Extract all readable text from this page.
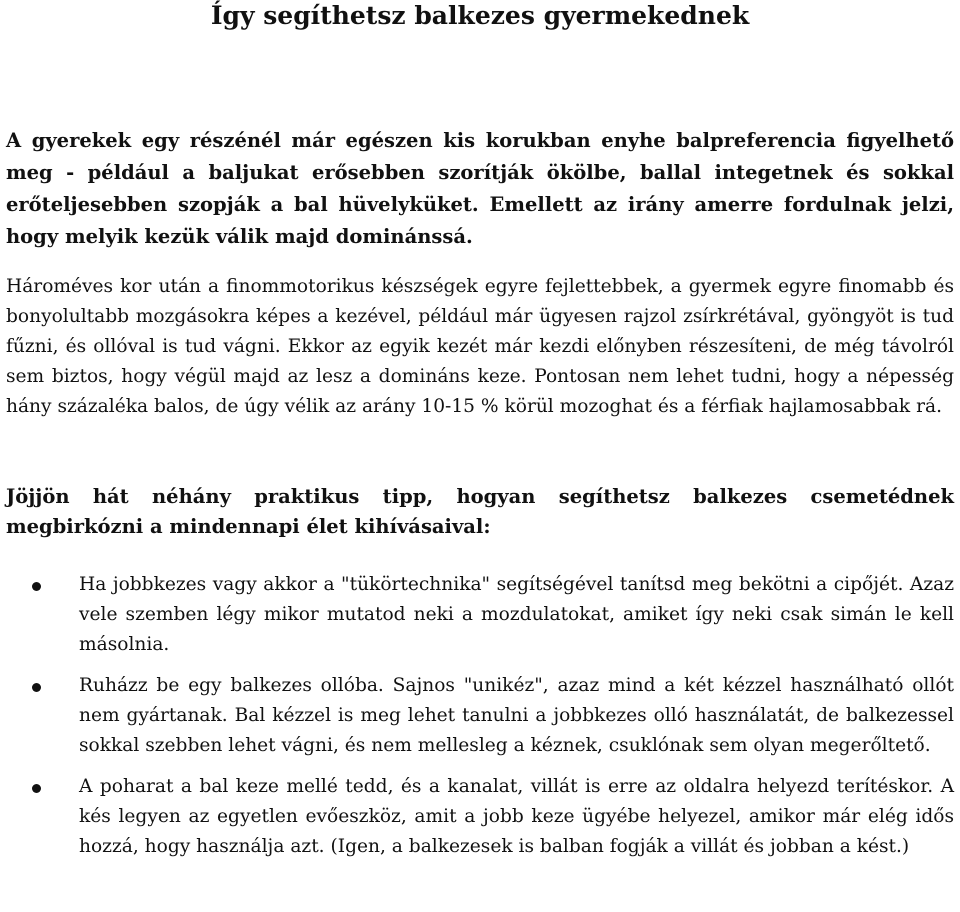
Így segíthetsz balkezes gyermekednek

A gyerekek egy részénél már egészen kis korukban enyhe balpreferencia figyelhető meg - például a baljukat erősebben szorítják ökölbe, ballal integetnek és sokkal erőteljesebben szopják a bal hüvelyküket. Emellett az irány amerre fordulnak jelzi, hogy melyik kezük válik majd dominánssá.

Hároméves kor után a finommotorikus készségek egyre fejlettebbek, a gyermek egyre finomabb és bonyolultabb mozgásokra képes a kezével, például már ügyesen rajzol zsírkrétával, gyöngyöt is tud fűzni, és ollóval is tud vágni. Ekkor az egyik kezét már kezdi előnyben részesíteni, de még távolról sem biztos, hogy végül majd az lesz a domináns keze. Pontosan nem lehet tudni, hogy a népesség hány százaléka balos, de úgy vélik az arány 10-15 % körül mozoghat és a férfiak hajlamosabbak rá.

Jöjjön hát néhány praktikus tipp, hogyan segíthetsz balkezes csemetédnek megbirkózni a mindennapi élet kihívásaival:

Ha jobbkezes vagy akkor a "tükörtechnika" segítségével tanítsd meg bekötni a cipőjét. Azaz vele szemben légy mikor mutatod neki a mozdulatokat, amiket így neki csak simán le kell másolnia.
Ruházz be egy balkezes ollóba. Sajnos "unikéz", azaz mind a két kézzel használható ollót nem gyártanak. Bal kézzel is meg lehet tanulni a jobbkezes olló használatát, de balkezessel sokkal szebben lehet vágni, és nem mellesleg a kéznek, csuklónak sem olyan megerőltető.
A poharat a bal keze mellé tedd, és a kanalat, villát is erre az oldalra helyezd terítéskor. A kés legyen az egyetlen evőeszköz, amit a jobb keze ügyébe helyezel, amikor már elég idős hozzá, hogy használja azt. (Igen, a balkezesek is balban fogják a villát és jobban a kést.)
